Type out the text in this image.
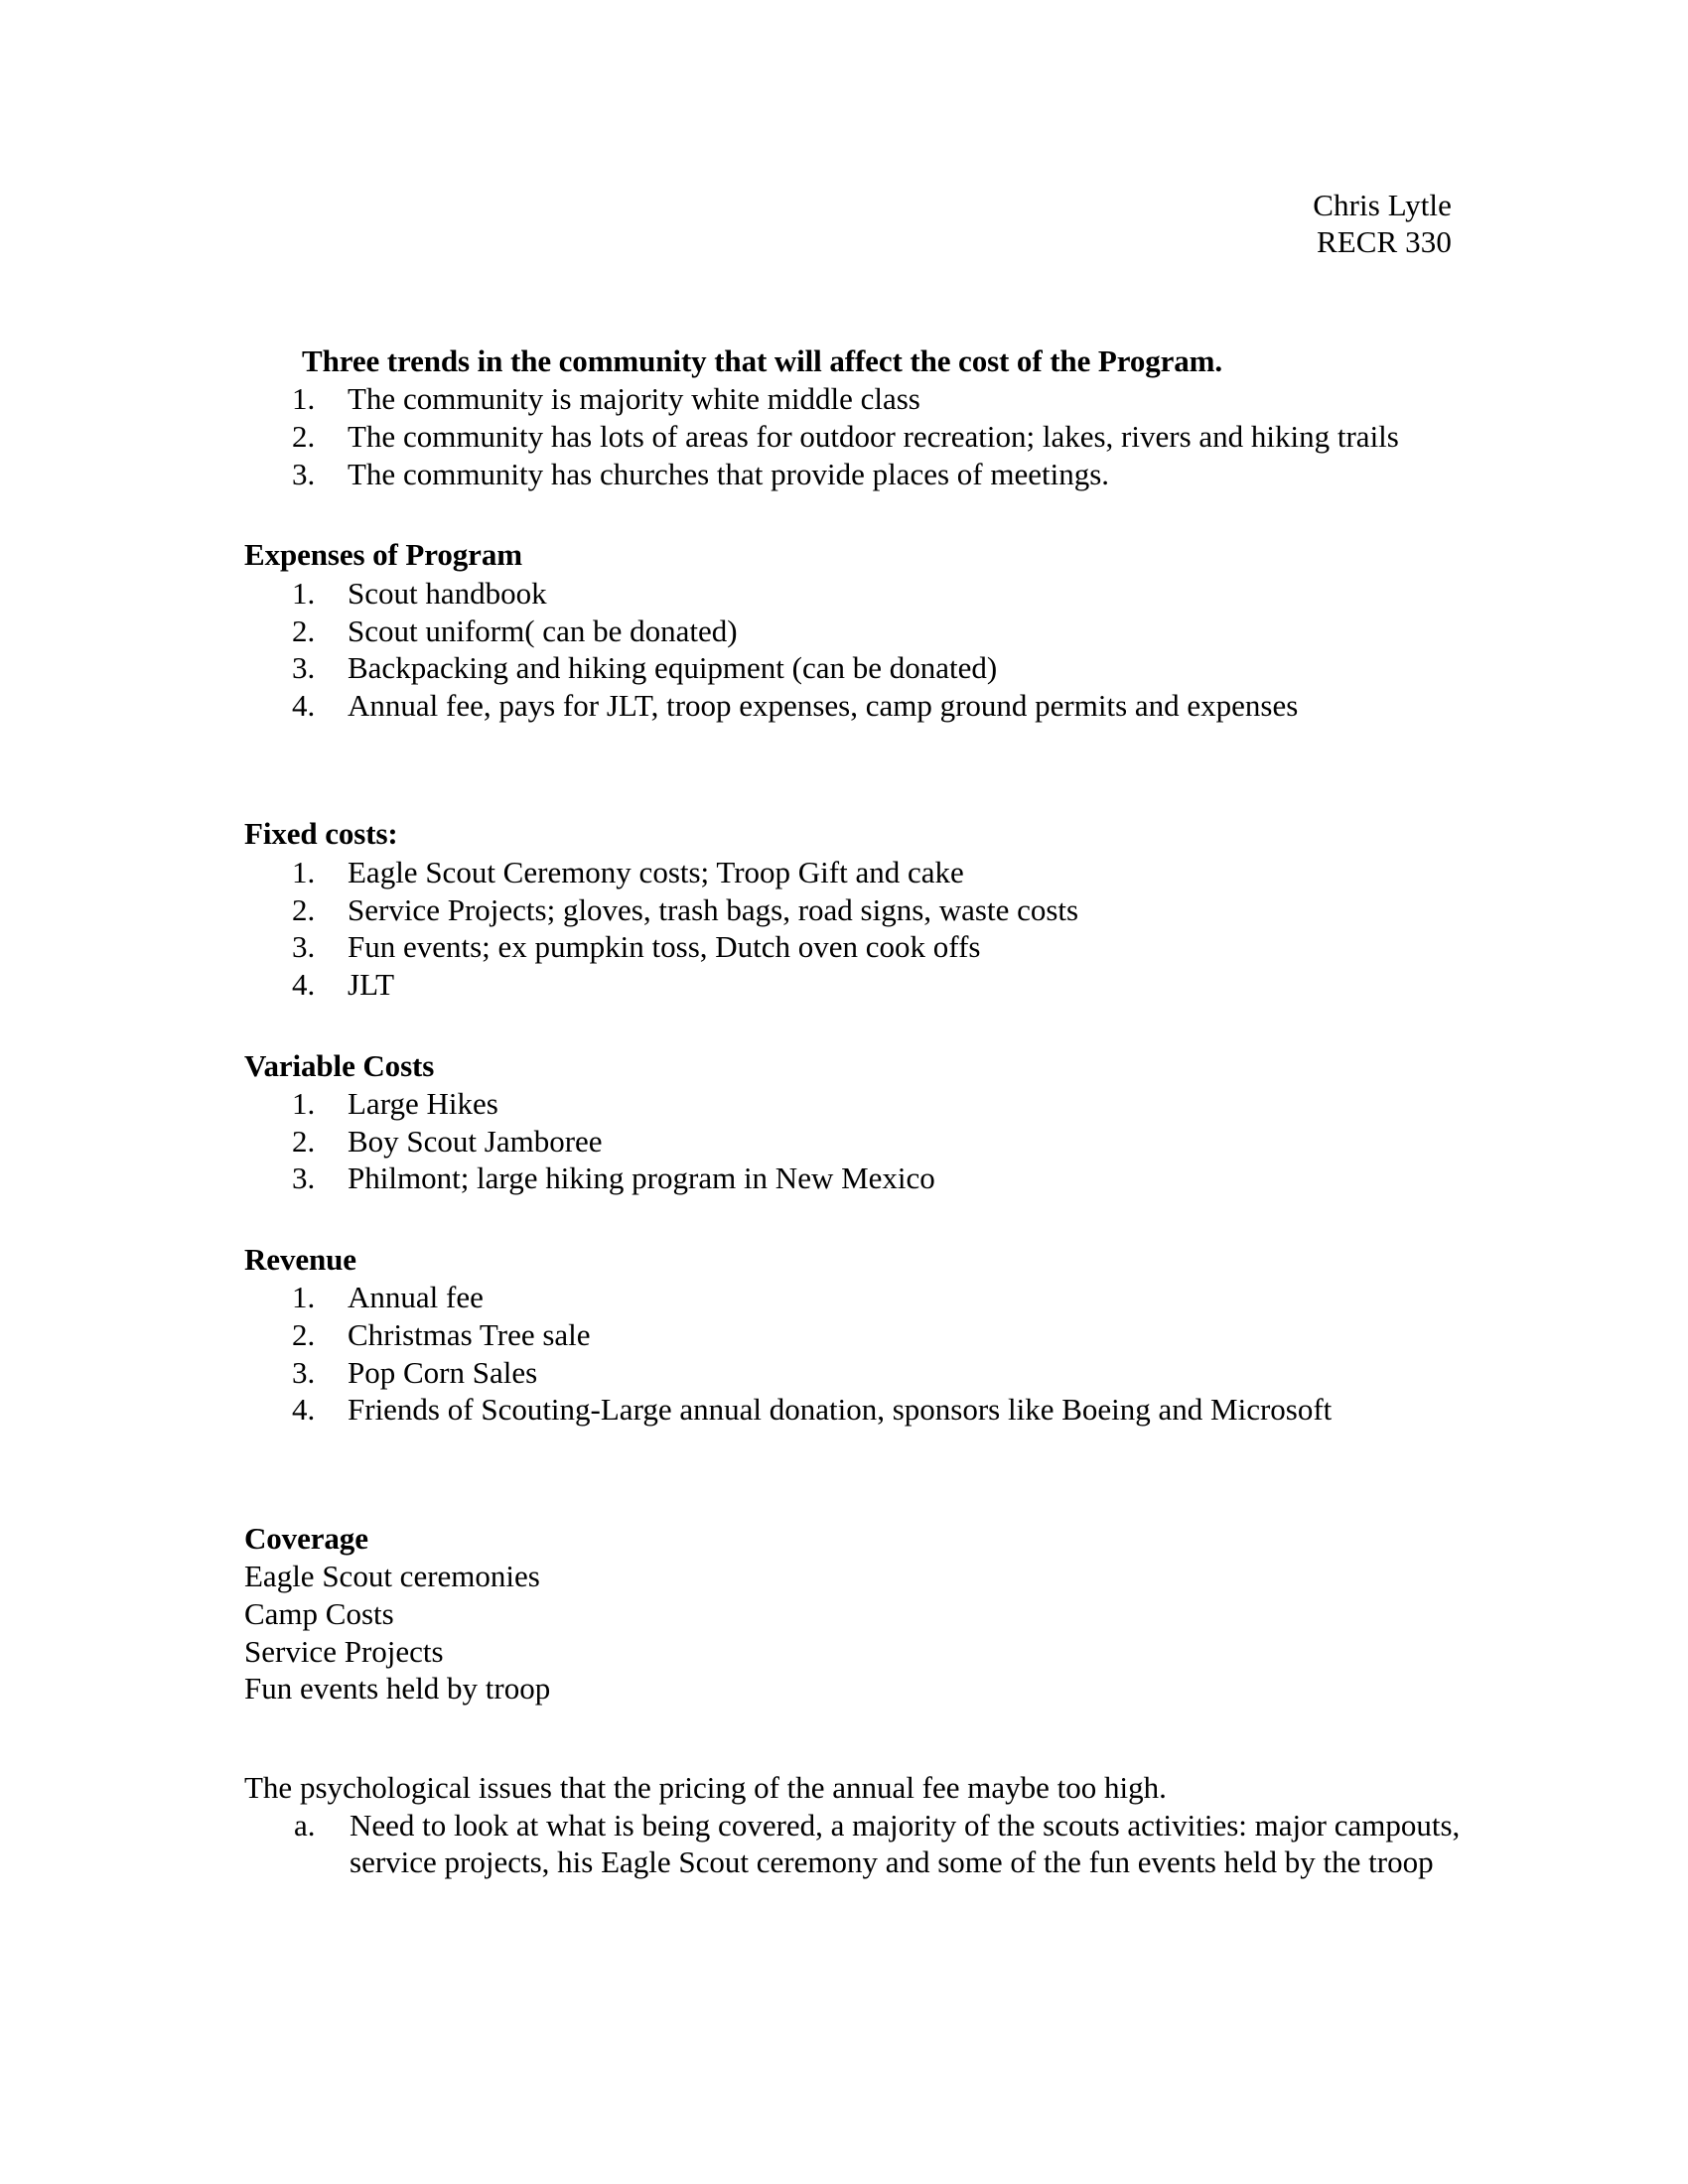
Chris Lytle
RECR 330
Three trends in the community that will affect the cost of the Program.
1.	The community is majority white middle class
2.	The community has lots of areas for outdoor recreation; lakes, rivers and hiking trails
3.	The community has churches that provide places of meetings.
Expenses of Program
1.	Scout handbook
2.	Scout uniform( can be donated)
3.	Backpacking and hiking equipment (can be donated)
4.	Annual fee, pays for JLT, troop expenses, camp ground permits and expenses
Fixed costs:
1.	Eagle Scout Ceremony costs; Troop Gift and cake
2.	Service Projects; gloves, trash bags, road signs, waste costs
3.	Fun events; ex pumpkin toss, Dutch oven cook offs
4.	JLT
Variable Costs
1.	Large Hikes
2.	Boy Scout Jamboree
3.	Philmont; large hiking program in New Mexico
Revenue
1.	Annual fee
2.	Christmas Tree sale
3.	Pop Corn Sales
4.	Friends of Scouting-Large annual donation, sponsors like Boeing and Microsoft
Coverage
Eagle Scout ceremonies
Camp Costs
Service Projects
Fun events held by troop

The psychological issues that the pricing of the annual fee maybe too high.

a.	Need to look at what is being covered, a majority of the scouts activities: major campouts, service projects, his Eagle Scout ceremony and some of the fun events held by the troop
